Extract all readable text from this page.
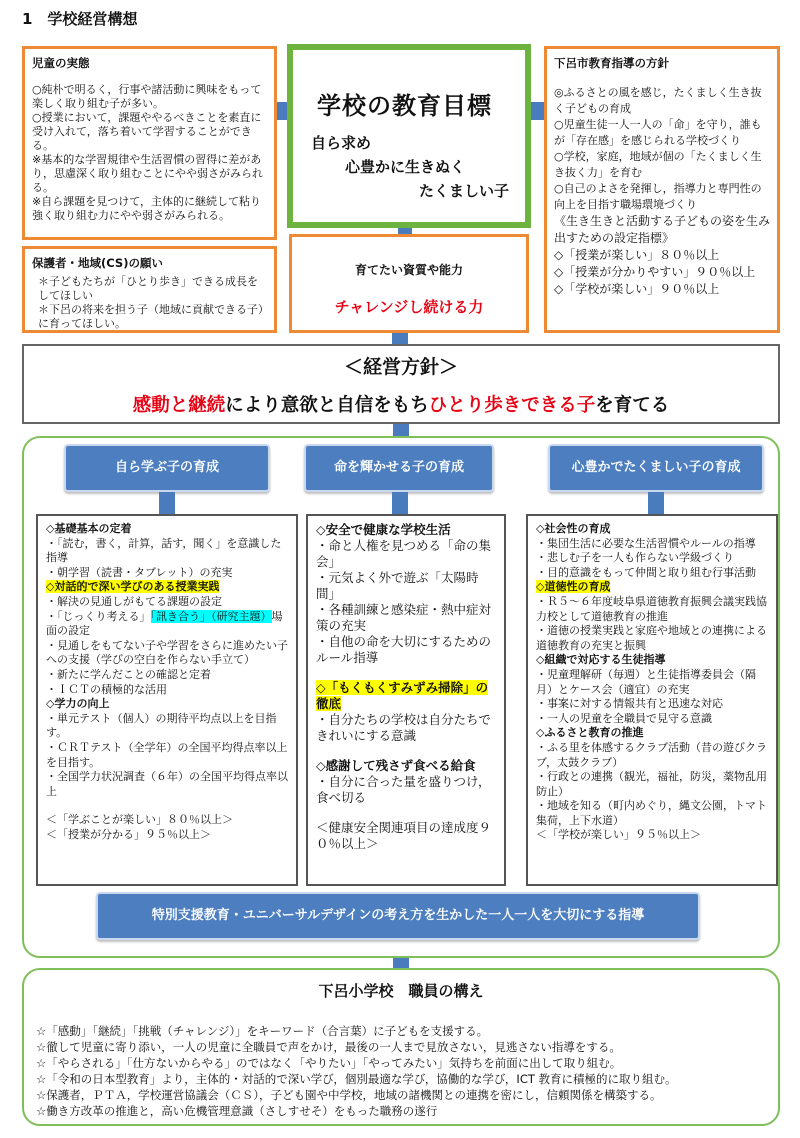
1　学校経営構想
児童の実態
○純朴で明るく，行事や諸活動に興味をもって楽しく取り組む子が多い。
○授業において，課題ややるべきことを素直に受け入れて，落ち着いて学習することができる。
※基本的な学習規律や生活習慣の習得に差があり，思慮深く取り組むことにやや弱さがみられる。
※自ら課題を見つけて，主体的に継続して粘り強く取り組む力にやや弱さがみられる。
保護者・地域(CS)の願い
＊子どもたちが「ひとり歩き」できる成長をしてほしい
＊下呂の将来を担う子（地域に貢献できる子）に育ってほしい。
学校の教育目標
自ら求め
心豊かに生きぬく
たくましい子
育てたい資質や能力
チャレンジし続ける力
下呂市教育指導の方針
◎ふるさとの風を感じ，たくましく生き抜く子どもの育成
○児童生徒一人一人の「命」を守り，誰もが「存在感」を感じられる学校づくり
○学校，家庭，地域が個の「たくましく生き抜く力」を育む
○自己のよさを発揮し，指導力と専門性の向上を目指す職場環境づくり
《生き生きと活動する子どもの姿を生み出すための設定指標》
◇「授業が楽しい」８０％以上
◇「授業が分かりやすい」９０％以上
◇「学校が楽しい」９０％以上
＜経営方針＞
感動と継続により意欲と自信をもちひとり歩きできる子を育てる
自ら学ぶ子の育成	命を輝かせる子の育成	心豊かでたくましい子の育成
◇基礎基本の定着
・「読む，書く，計算，話す，聞く」を意識した指導
・朝学習（読書・タブレット）の充実
◇対話的で深い学びのある授業実践
・解決の見通しがもてる課題の設定
・「じっくり考える」「訊き合う」（研究主題）場面の設定
・見通しをもてない子や学習をさらに進めたい子への支援（学びの空白を作らない手立て）
・新たに学んだことの確認と定着
・ＩＣＴの積極的な活用
◇学力の向上
・単元テスト（個人）の期待平均点以上を目指す。
・ＣＲＴテスト（全学年）の全国平均得点率以上を目指す。
・全国学力状況調査（６年）の全国平均得点率以上
＜「学ぶことが楽しい」８０％以上＞
＜「授業が分かる」９５％以上＞
◇安全で健康な学校生活
・命と人権を見つめる「命の集会」
・元気よく外で遊ぶ「太陽時間」
・各種訓練と感染症・熱中症対策の充実
・自他の命を大切にするためのルール指導
◇「もくもくすみずみ掃除」の徹底
・自分たちの学校は自分たちできれいにする意識
◇感謝して残さず食べる給食
・自分に合った量を盛りつけ，食べ切る
＜健康安全関連項目の達成度９０％以上＞
◇社会性の育成
・集団生活に必要な生活習慣やルールの指導
・悲しむ子を一人も作らない学級づくり
・目的意識をもって仲間と取り組む行事活動
◇道徳性の育成
・Ｒ５～６年度岐阜県道徳教育振興会議実践協力校として道徳教育の推進
・道徳の授業実践と家庭や地域との連携による道徳教育の充実と振興
◇組織で対応する生徒指導
・児童理解研（毎週）と生徒指導委員会（隔月）とケース会（適宜）の充実
・事案に対する情報共有と迅速な対応
・一人の児童を全職員で見守る意識
◇ふるさと教育の推進
・ふる里を体感するクラブ活動（昔の遊びクラブ，太鼓クラブ）
・行政との連携（観光，福祉，防災，薬物乱用防止）
・地域を知る（町内めぐり，縄文公園，トマト集荷，上下水道）
＜「学校が楽しい」９５％以上＞
特別支援教育・ユニバーサルデザインの考え方を生かした一人一人を大切にする指導
下呂小学校　職員の構え
☆「感動」「継続」「挑戦（チャレンジ）」をキーワード（合言葉）に子どもを支援する。
☆徹して児童に寄り添い，一人の児童に全職員で声をかけ，最後の一人まで見放さない，見逃さない指導をする。
☆「やらされる」「仕方ないからやる」のではなく「やりたい」「やってみたい」気持ちを前面に出して取り組む。
☆「令和の日本型教育」より，主体的・対話的で深い学び，個別最適な学び，協働的な学び，ICT 教育に積極的に取り組む。
☆保護者，ＰＴＡ，学校運営協議会（ＣＳ），子ども園や中学校，地域の諸機関との連携を密にし，信頼関係を構築する。
☆働き方改革の推進と，高い危機管理意識（さしすせそ）をもった職務の遂行
